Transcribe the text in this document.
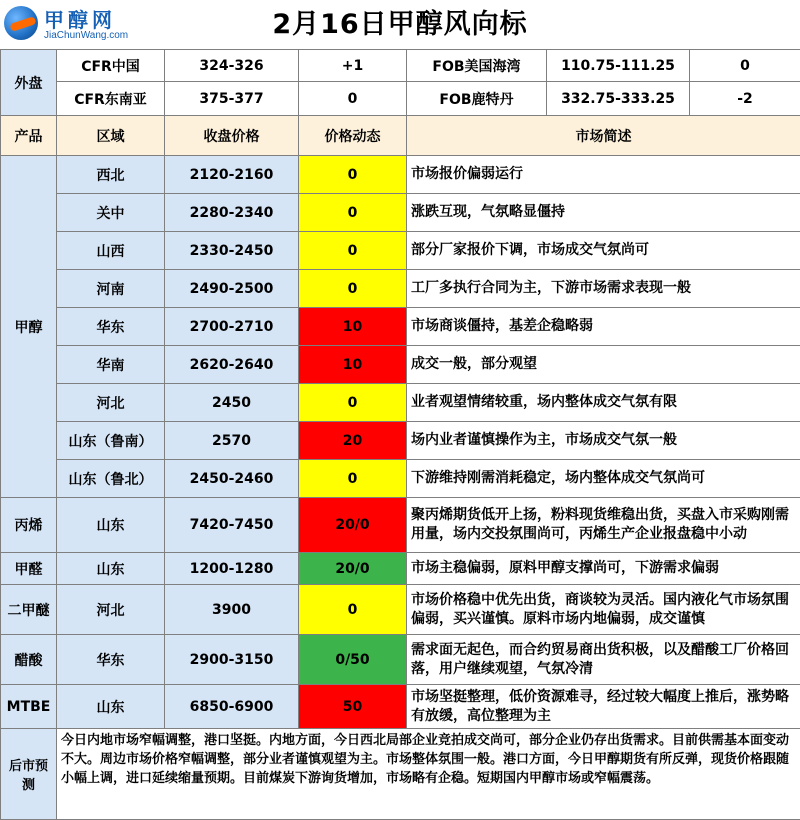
甲醇网
JiaChunWang.com	2月16日甲醇风向标
外盘	CFR中国	324-326	+1	FOB美国海湾	110.75-111.25	0
	CFR东南亚	375-377	0	FOB鹿特丹	332.75-333.25	-2
产品	区域	收盘价格	价格动态	市场简述		
甲醇	西北	2120-2160	0	市场报价偏弱运行		
	关中	2280-2340	0	涨跌互现，气氛略显僵持		
	山西	2330-2450	0	部分厂家报价下调，市场成交气氛尚可		
	河南	2490-2500	0	工厂多执行合同为主，下游市场需求表现一般		
	华东	2700-2710	10	市场商谈僵持，基差企稳略弱		
	华南	2620-2640	10	成交一般，部分观望		
	河北	2450	0	业者观望情绪较重，场内整体成交气氛有限		
	山东（鲁南）	2570	20	场内业者谨慎操作为主，市场成交气氛一般		
	山东（鲁北）	2450-2460	0	下游维持刚需消耗稳定，场内整体成交气氛尚可		
丙烯	山东	7420-7450	20/0	聚丙烯期货低开上扬，粉料现货维稳出货，买盘入市采购刚需用量，场内交投氛围尚可，丙烯生产企业报盘稳中小动		
甲醛	山东	1200-1280	20/0	市场主稳偏弱，原料甲醇支撑尚可，下游需求偏弱		
二甲醚	河北	3900	0	市场价格稳中优先出货，商谈较为灵活。国内液化气市场氛围偏弱，买兴谨慎。原料市场内地偏弱，成交谨慎		
醋酸	华东	2900-3150	0/50	需求面无起色，而合约贸易商出货积极，以及醋酸工厂价格回落，用户继续观望，气氛冷清		
MTBE	山东	6850-6900	50	市场坚挺整理，低价资源难寻，经过较大幅度上推后，涨势略有放缓，高位整理为主		
后市预测	今日内地市场窄幅调整，港口坚挺。内地方面，今日西北局部企业竞拍成交尚可，部分企业仍存出货需求。目前供需基本面变动不大。周边市场价格窄幅调整，部分业者谨慎观望为主。市场整体氛围一般。港口方面，今日甲醇期货有所反弹，现货价格跟随小幅上调，进口延续缩量预期。目前煤炭下游询货增加，市场略有企稳。短期国内甲醇市场或窄幅震荡。					
